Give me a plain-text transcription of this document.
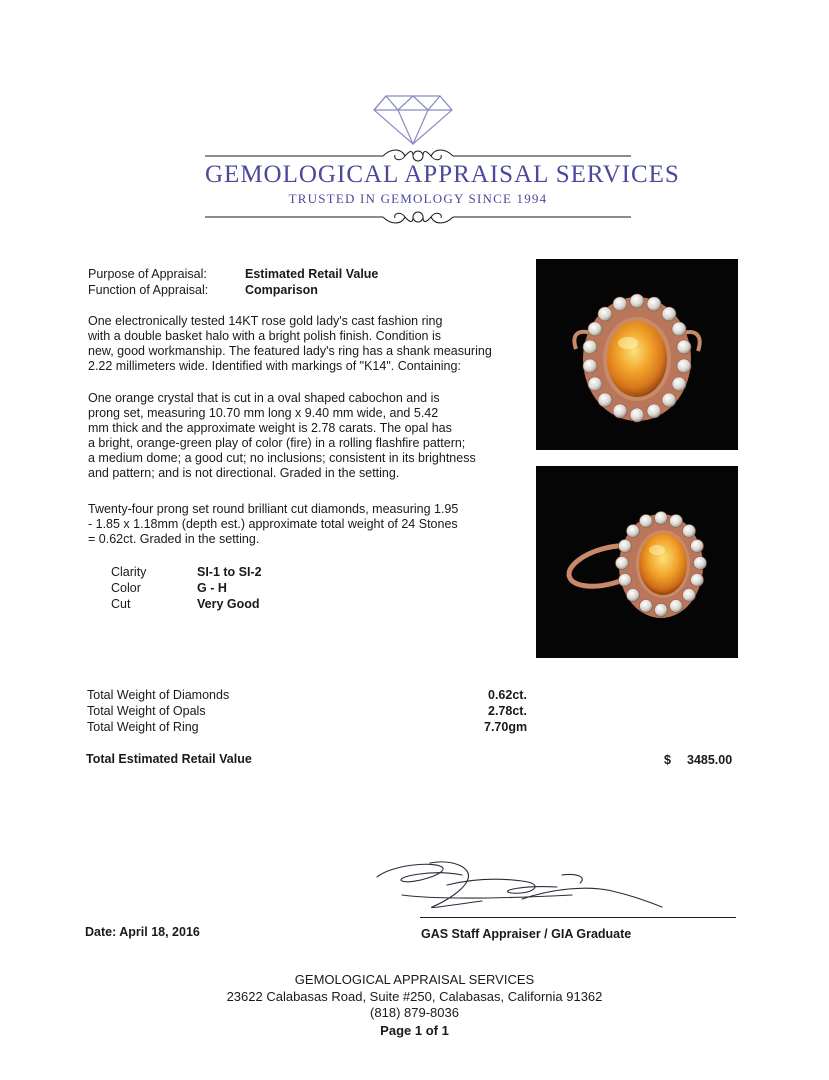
GEMOLOGICAL APPRAISAL SERVICES
TRUSTED IN GEMOLOGY SINCE 1994
Purpose of Appraisal:	Estimated Retail Value
Function of Appraisal:	Comparison
One electronically tested 14KT rose gold lady's cast fashion ring
with a double basket halo with a bright polish finish. Condition is
new, good workmanship. The featured lady's ring has a shank measuring
2.22 millimeters wide. Identified with markings of "K14". Containing:
One orange crystal that is cut in a oval shaped cabochon and is
prong set, measuring 10.70 mm long x 9.40 mm wide, and 5.42
mm thick and the approximate weight is 2.78 carats. The opal has
a bright, orange-green play of color (fire) in a rolling flashfire pattern;
a medium dome; a good cut; no inclusions; consistent in its brightness
and pattern; and is not directional. Graded in the setting.
Twenty-four prong set round brilliant cut diamonds, measuring 1.95
- 1.85 x 1.18mm (depth est.) approximate total weight of 24 Stones
= 0.62ct. Graded in the setting.
Clarity	SI-1 to SI-2
Color	G - H
Cut	Very Good
Total Weight of Diamonds	0.62ct.
Total Weight of Opals	2.78ct.
Total Weight of Ring	7.70gm
Total Estimated Retail Value	$ 3485.00
Date: April 18, 2016	GAS Staff Appraiser / GIA Graduate
GEMOLOGICAL APPRAISAL SERVICES
23622 Calabasas Road, Suite #250, Calabasas, California 91362
(818) 879-8036
Page 1 of 1
